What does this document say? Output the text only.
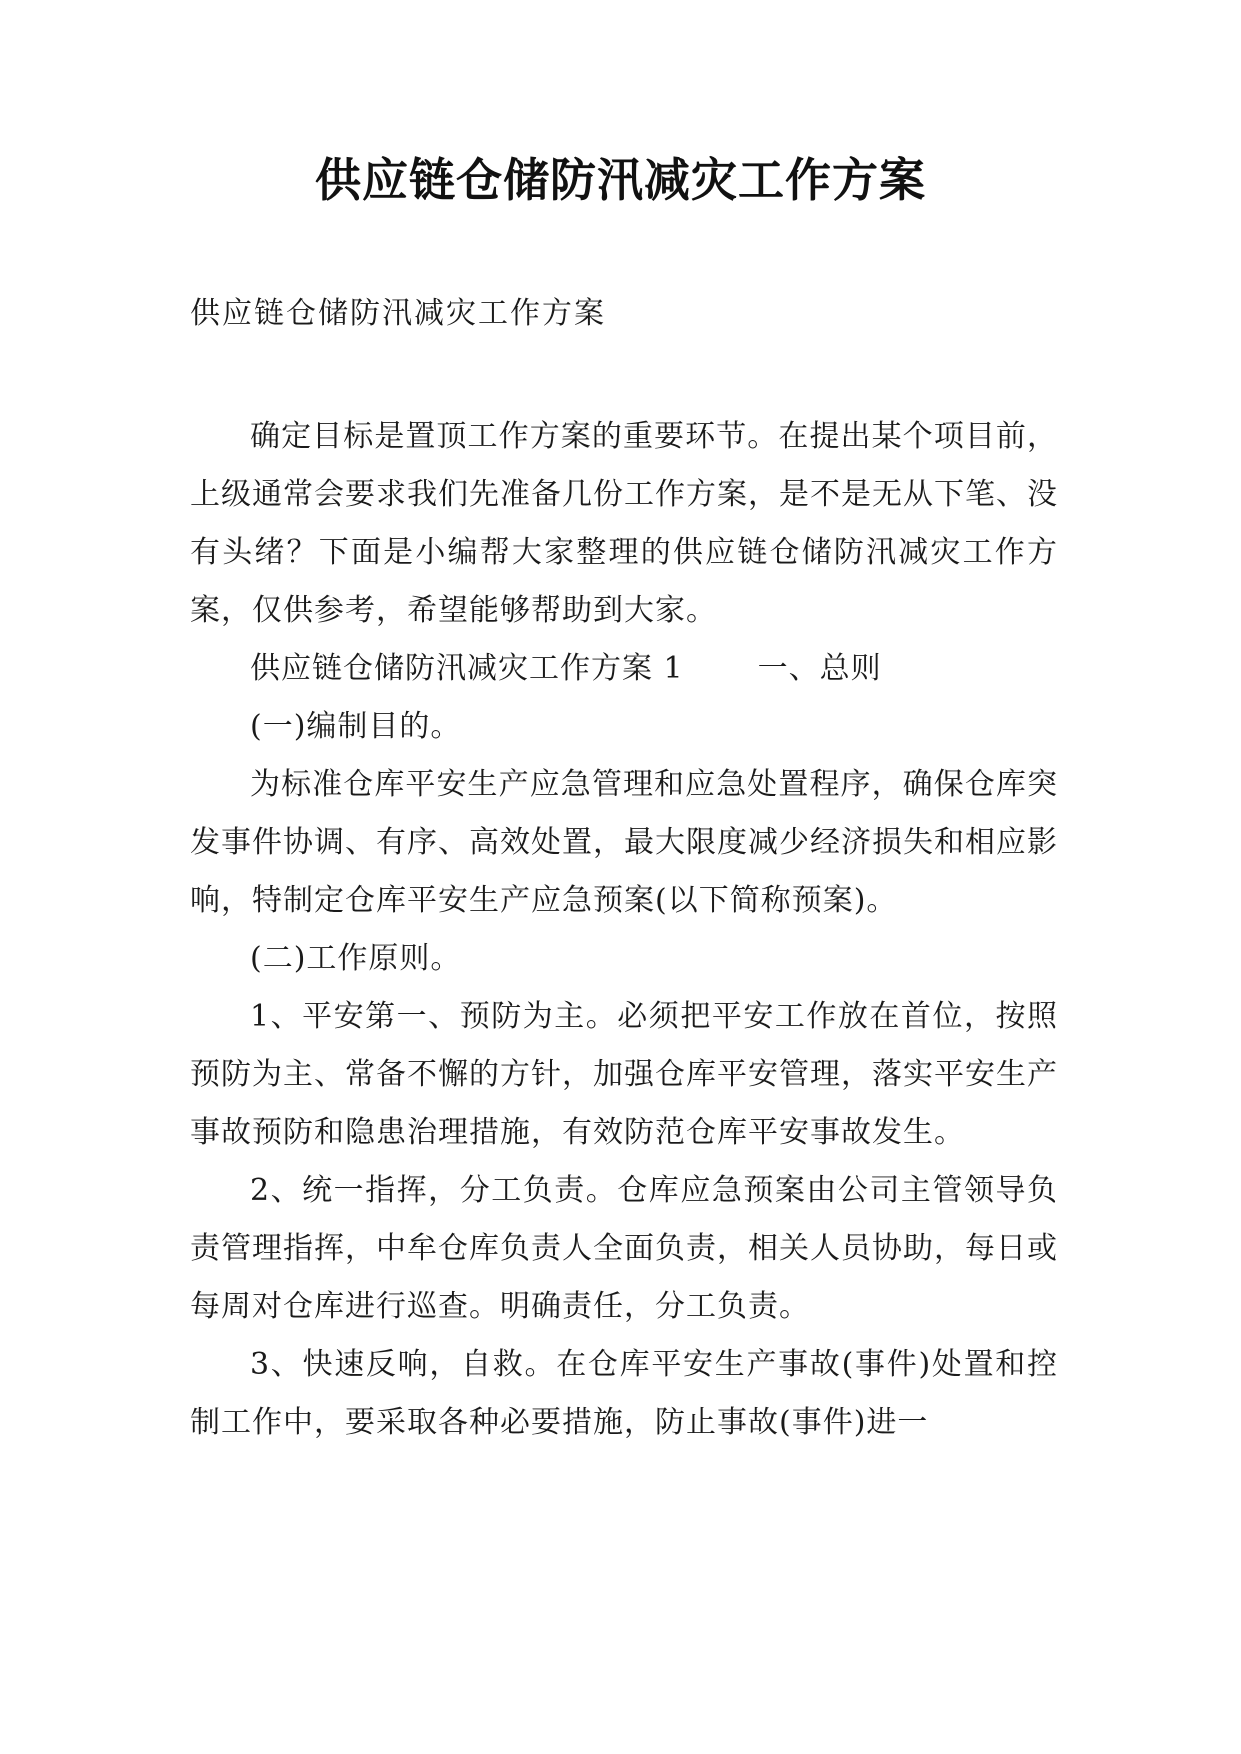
供应链仓储防汛减灾工作方案

供应链仓储防汛减灾工作方案

确定目标是置顶工作方案的重要环节。在提出某个项目前，上级通常会要求我们先准备几份工作方案，是不是无从下笔、没有头绪？下面是小编帮大家整理的供应链仓储防汛减灾工作方案，仅供参考，希望能够帮助到大家。

供应链仓储防汛减灾工作方案 1 一、总则

(一)编制目的。

为标准仓库平安生产应急管理和应急处置程序，确保仓库突发事件协调、有序、高效处置，最大限度减少经济损失和相应影响，特制定仓库平安生产应急预案(以下简称预案)。

(二)工作原则。

1、平安第一、预防为主。必须把平安工作放在首位，按照预防为主、常备不懈的方针，加强仓库平安管理，落实平安生产事故预防和隐患治理措施，有效防范仓库平安事故发生。

2、统一指挥，分工负责。仓库应急预案由公司主管领导负责管理指挥，中牟仓库负责人全面负责，相关人员协助，每日或每周对仓库进行巡查。明确责任，分工负责。

3、快速反响，自救。在仓库平安生产事故(事件)处置和控制工作中，要采取各种必要措施，防止事故(事件)进一
